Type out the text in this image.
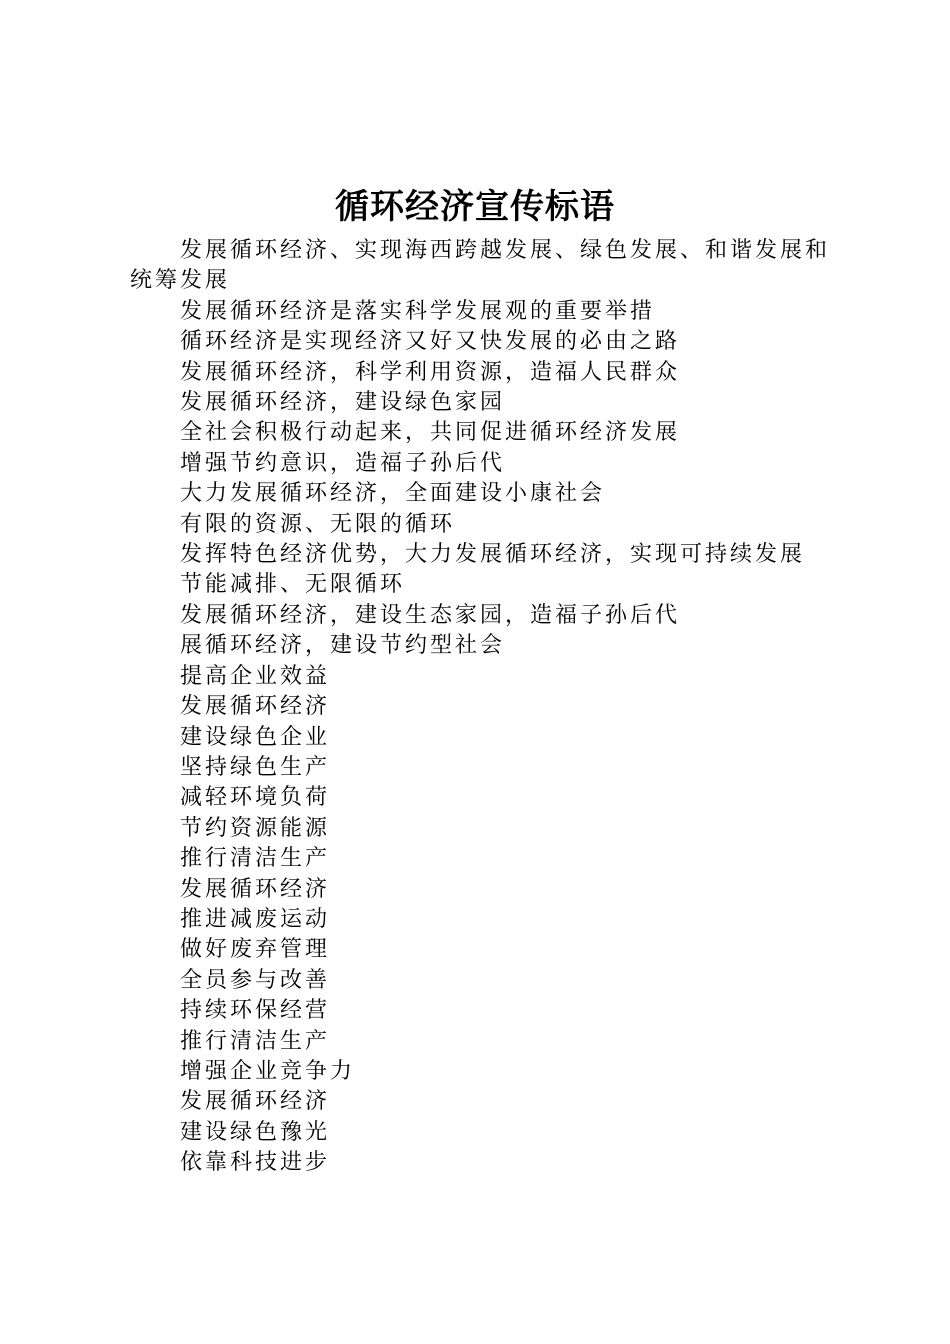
循环经济宣传标语

发展循环经济、实现海西跨越发展、绿色发展、和谐发展和统筹发展

发展循环经济是落实科学发展观的重要举措

循环经济是实现经济又好又快发展的必由之路

发展循环经济，科学利用资源，造福人民群众

发展循环经济，建设绿色家园

全社会积极行动起来，共同促进循环经济发展

增强节约意识，造福子孙后代

大力发展循环经济，全面建设小康社会

有限的资源、无限的循环

发挥特色经济优势，大力发展循环经济，实现可持续发展

节能减排、无限循环

发展循环经济，建设生态家园，造福子孙后代

展循环经济，建设节约型社会

提高企业效益

发展循环经济

建设绿色企业

坚持绿色生产

减轻环境负荷

节约资源能源

推行清洁生产

发展循环经济

推进减废运动

做好废弃管理

全员参与改善

持续环保经营

推行清洁生产

增强企业竞争力

发展循环经济

建设绿色豫光

依靠科技进步
